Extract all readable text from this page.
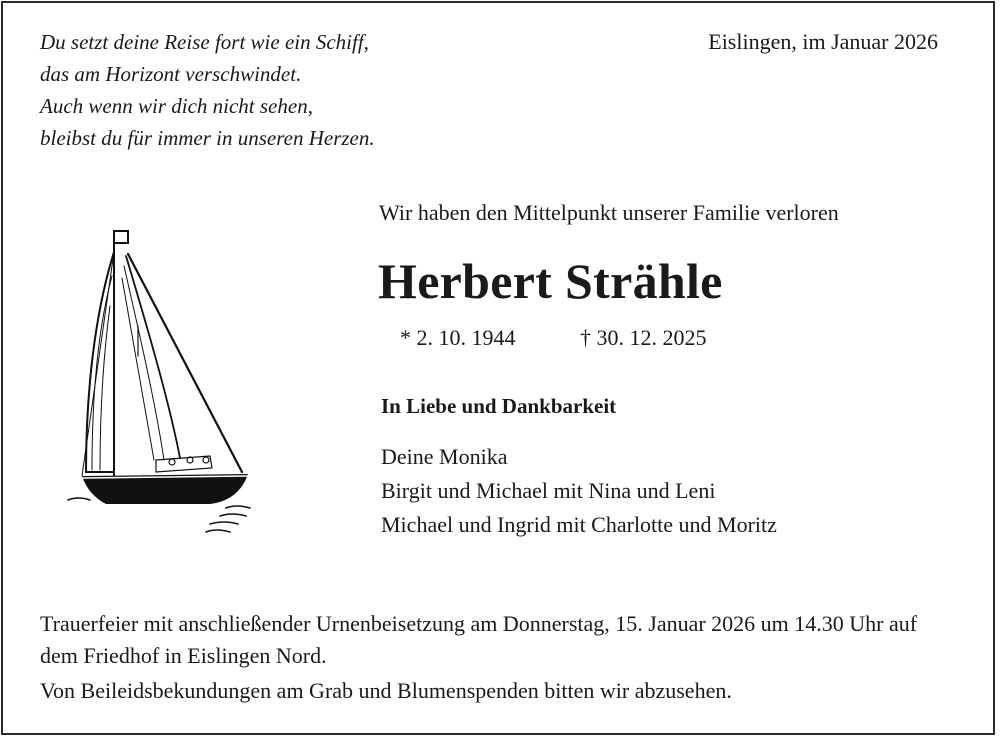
Du setzt deine Reise fort wie ein Schiff,
das am Horizont verschwindet.
Auch wenn wir dich nicht sehen,
bleibst du für immer in unseren Herzen.
Eislingen, im Januar 2026
Wir haben den Mittelpunkt unserer Familie verloren
Herbert Strähle
* 2. 10. 1944	† 30. 12. 2025
In Liebe und Dankbarkeit
Deine Monika
Birgit und Michael mit Nina und Leni
Michael und Ingrid mit Charlotte und Moritz
Trauerfeier mit anschließender Urnenbeisetzung am Donnerstag, 15. Januar 2026 um 14.30 Uhr auf dem Friedhof in Eislingen Nord.
Von Beileidsbekundungen am Grab und Blumenspenden bitten wir abzusehen.
